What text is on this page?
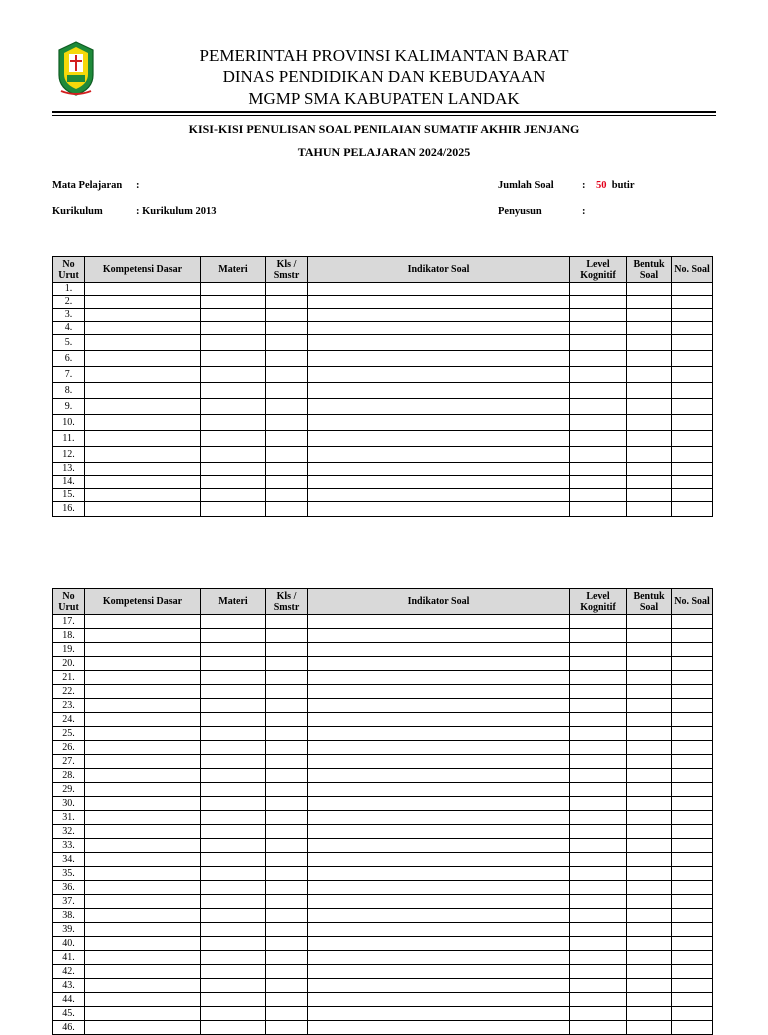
PEMERINTAH PROVINSI KALIMANTAN BARAT
DINAS PENDIDIKAN DAN KEBUDAYAAN
MGMP SMA KABUPATEN LANDAK
KISI-KISI PENULISAN SOAL PENILAIAN SUMATIF AKHIR JENJANG
TAHUN PELAJARAN 2024/2025
Mata Pelajaran :
Kurikulum	: Kurikulum 2013
Jumlah Soal	: 50 butir
Penyusun	:
No Urut	Kompetensi Dasar	Materi	Kls / Smstr	Indikator Soal	Level Kognitif	Bentuk Soal	No. Soal
1.							
2.							
3.							
4.							
5.							
6.							
7.							
8.							
9.							
10.							
11.							
12.							
13.							
14.							
15.							
16.							
No Urut	Kompetensi Dasar	Materi	Kls / Smstr	Indikator Soal	Level Kognitif	Bentuk Soal	No. Soal
17.							
18.							
19.							
20.							
21.							
22.							
23.							
24.							
25.							
26.							
27.							
28.							
29.							
30.							
31.							
32.							
33.							
34.							
35.							
36.							
37.							
38.							
39.							
40.							
41.							
42.							
43.							
44.							
45.							
46.							
